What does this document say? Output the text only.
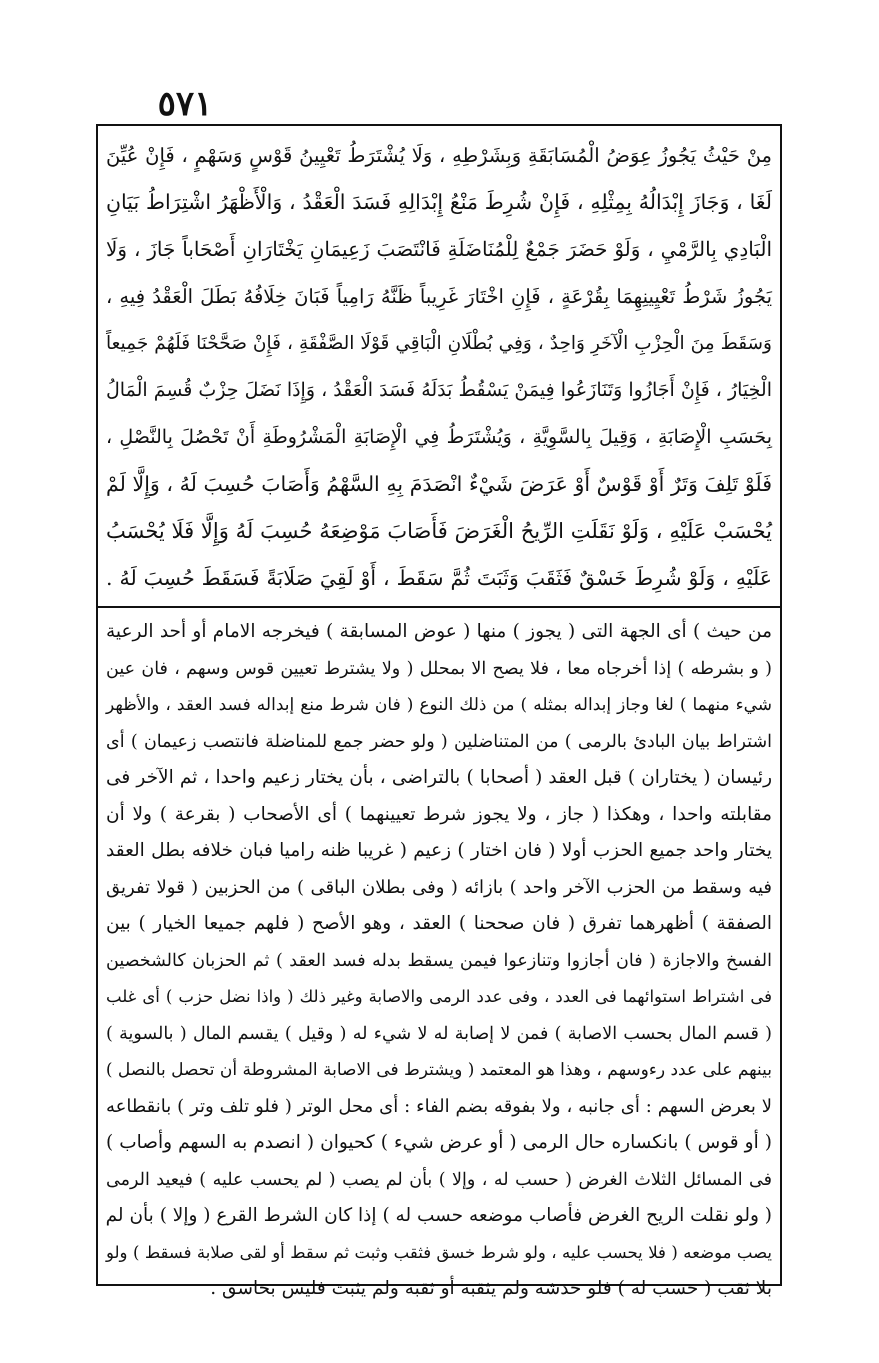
٥٧١

مِنْ حَيْثُ يَجُوزُ عِوَضُ الْمُسَابَقَةِ وَبِشَرْطِهِ ، وَلَا يُشْتَرَطُ تَعْيِينُ قَوْسٍ وَسَهْمٍ ، فَإِنْ عُيِّنَ

لَغَا ، وَجَازَ إِبْدَالُهُ بِمِثْلِهِ ، فَإِنْ شُرِطَ مَنْعُ إِبْدَالِهِ فَسَدَ الْعَقْدُ ، وَالْأَظْهَرُ اشْتِرَاطُ بَيَانِ

الْبَادِي بِالرَّمْيِ ، وَلَوْ حَضَرَ جَمْعٌ لِلْمُنَاضَلَةِ فَانْتَصَبَ زَعِيمَانِ يَخْتَارَانِ أَصْحَاباً جَازَ ، وَلَا

يَجُوزُ شَرْطُ تَعْيِينِهِمَا بِقُرْعَةٍ ، فَإِنِ اخْتَارَ غَرِيباً ظَنَّهُ رَامِياً فَبَانَ خِلَافُهُ بَطَلَ الْعَقْدُ فِيهِ ،

وَسَقَطَ مِنَ الْحِزْبِ الْآخَرِ وَاحِدٌ ، وَفِي بُطْلَانِ الْبَاقِي قَوْلَا الصَّفْقَةِ ، فَإِنْ صَحَّحْنَا فَلَهُمْ جَمِيعاً

الْخِيَارُ ، فَإِنْ أَجَازُوا وَتَنَازَعُوا فِيمَنْ يَسْقُطُ بَدَلَهُ فَسَدَ الْعَقْدُ ، وَإِذَا نَضَلَ حِزْبٌ قُسِمَ الْمَالُ

بِحَسَبِ الْإِصَابَةِ ، وَقِيلَ بِالسَّوِيَّةِ ، وَيُشْتَرَطُ فِي الْإِصَابَةِ الْمَشْرُوطَةِ أَنْ تَحْصُلَ بِالنَّصْلِ ،

فَلَوْ تَلِفَ وَتَرٌ أَوْ قَوْسٌ أَوْ عَرَضَ شَيْءٌ انْصَدَمَ بِهِ السَّهْمُ وَأَصَابَ حُسِبَ لَهُ ، وَإِلَّا لَمْ

يُحْسَبْ عَلَيْهِ ، وَلَوْ نَقَلَتِ الرِّيحُ الْغَرَضَ فَأَصَابَ مَوْضِعَهُ حُسِبَ لَهُ وَإِلَّا فَلَا يُحْسَبُ

عَلَيْهِ ، وَلَوْ شُرِطَ خَسْقٌ فَثَقَبَ وَثَبَتَ ثُمَّ سَقَطَ ، أَوْ لَقِيَ صَلَابَةً فَسَقَطَ حُسِبَ لَهُ .

من حيث ) أى الجهة التى ( يجوز ) منها ( عوض المسابقة ) فيخرجه الامام أو أحد الرعية

( و بشرطه ) إذا أخرجاه معا ، فلا يصح الا بمحلل ( ولا يشترط تعيين قوس وسهم ، فان عين

شيء منهما ) لغا وجاز إبداله بمثله ) من ذلك النوع ( فان شرط منع إبداله فسد العقد ، والأظهر

اشتراط بيان البادئ بالرمى ) من المتناضلين ( ولو حضر جمع للمناضلة فانتصب زعيمان ) أى

رئيسان ( يختاران ) قبل العقد ( أصحابا ) بالتراضى ، بأن يختار زعيم واحدا ، ثم الآخر فى

مقابلته واحدا ، وهكذا ( جاز ، ولا يجوز شرط تعيينهما ) أى الأصحاب ( بقرعة ) ولا أن

يختار واحد جميع الحزب أولا ( فان اختار ) زعيم ( غريبا ظنه راميا فبان خلافه بطل العقد

فيه وسقط من الحزب الآخر واحد ) بازائه ( وفى بطلان الباقى ) من الحزبين ( قولا تفريق

الصفقة ) أظهرهما تفرق ( فان صححنا ) العقد ، وهو الأصح ( فلهم جميعا الخيار ) بين

الفسخ والاجازة ( فان أجازوا وتنازعوا فيمن يسقط بدله فسد العقد ) ثم الحزبان كالشخصين

فى اشتراط استوائهما فى العدد ، وفى عدد الرمى والاصابة وغير ذلك ( واذا نضل حزب ) أى غلب

( قسم المال بحسب الاصابة ) فمن لا إصابة له لا شيء له ( وقيل ) يقسم المال ( بالسوية )

بينهم على عدد رءوسهم ، وهذا هو المعتمد ( ويشترط فى الاصابة المشروطة أن تحصل بالنصل )

لا بعرض السهم : أى جانبه ، ولا بفوقه بضم الفاء : أى محل الوتر ( فلو تلف وتر ) بانقطاعه

( أو قوس ) بانكساره حال الرمى ( أو عرض شيء ) كحيوان ( انصدم به السهم وأصاب )

فى المسائل الثلاث الغرض ( حسب له ، وإلا ) بأن لم يصب ( لم يحسب عليه ) فيعيد الرمى

( ولو نقلت الريح الغرض فأصاب موضعه حسب له ) إذا كان الشرط القرع ( وإلا ) بأن لم

يصب موضعه ( فلا يحسب عليه ، ولو شرط خسق فثقب وثبت ثم سقط أو لقى صلابة فسقط ) ولو

بلا ثقب ( حسب له ) فلو خدشه ولم يثقبه أو ثقبه ولم يثبت فليس بخاسق .
